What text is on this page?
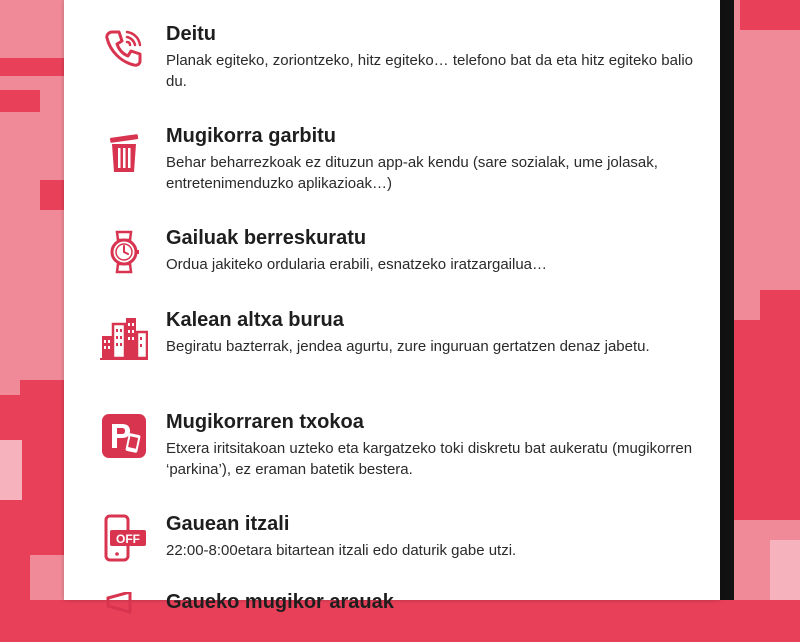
Deitu

Planak egiteko, zoriontzeko, hitz egiteko… telefono bat da eta hitz egiteko balio du.

Mugikorra garbitu

Behar beharrezkoak ez dituzun app-ak kendu (sare sozialak, ume jolasak, entretenimenduzko aplikazioak…)

Gailuak berreskuratu

Ordua jakiteko ordularia erabili, esnatzeko iratzargailua…

Kalean altxa burua

Begiratu bazterrak, jendea agurtu, zure inguruan gertatzen denaz jabetu.

Mugikorraren txokoa

Etxera iritsitakoan uzteko eta kargatzeko toki diskretu bat aukeratu (mugikorren ‘parkina’), ez eraman batetik bestera.

OFF

Gauean itzali

22:00-8:00etara bitartean itzali edo daturik gabe utzi.

Gaueko mugikor arauak
